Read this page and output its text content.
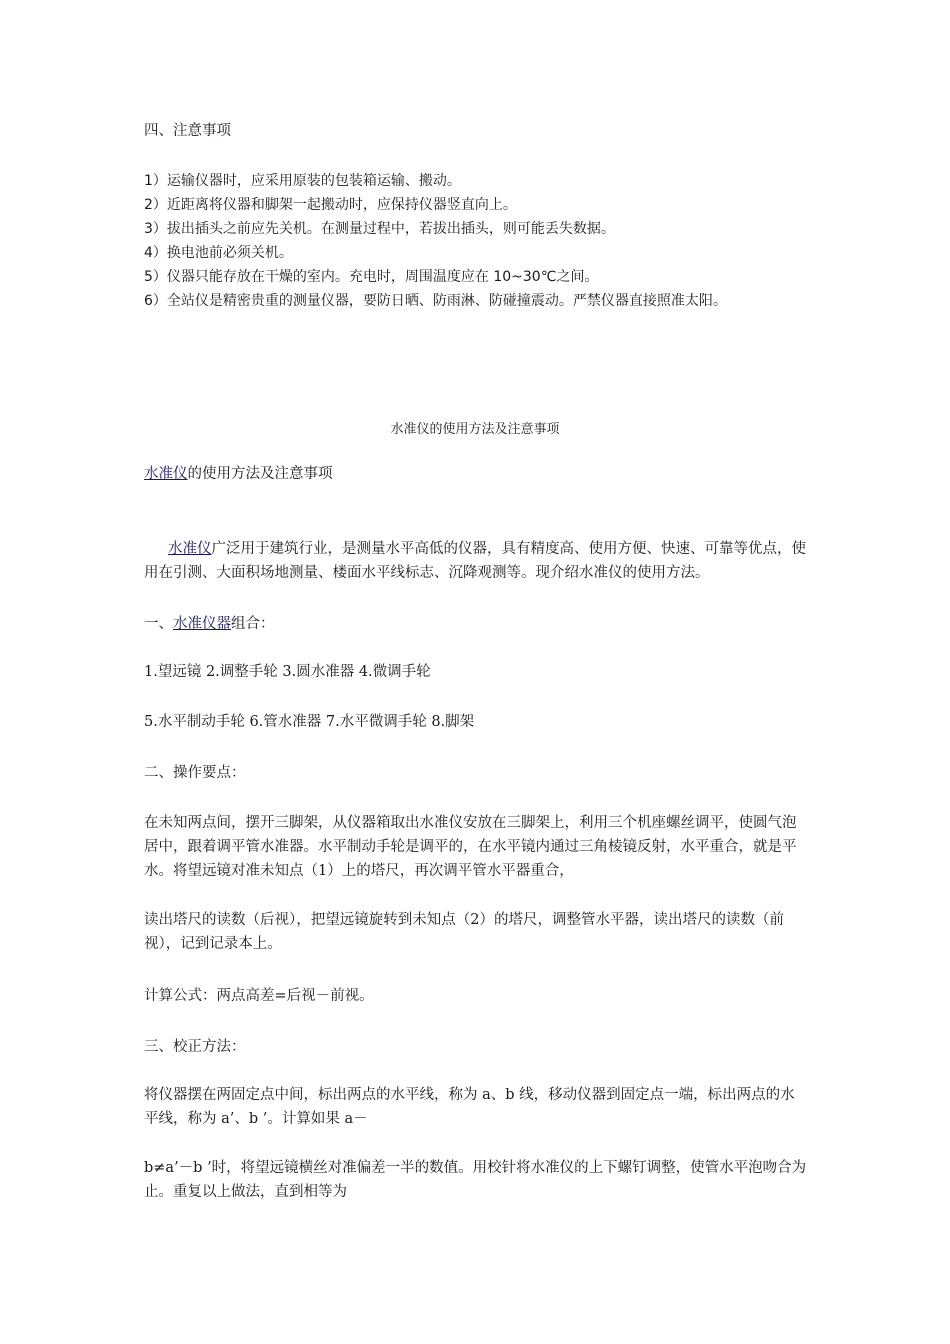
四、注意事项

1）运输仪器时，应采用原装的包装箱运输、搬动。

2）近距离将仪器和脚架一起搬动时，应保持仪器竖直向上。

3）拔出插头之前应先关机。在测量过程中，若拔出插头，则可能丢失数据。

4）换电池前必须关机。

5）仪器只能存放在干燥的室内。充电时，周围温度应在 10~30℃之间。

6）全站仪是精密贵重的测量仪器，要防日晒、防雨淋、防碰撞震动。严禁仪器直接照准太阳。

水准仪的使用方法及注意事项

水准仪的使用方法及注意事项

水准仪广泛用于建筑行业，是测量水平高低的仪器，具有精度高、使用方便、快速、可靠等优点，使用在引测、大面积场地测量、楼面水平线标志、沉降观测等。现介绍水准仪的使用方法。

一、水准仪器组合：

1.望远镜 2.调整手轮 3.圆水准器 4.微调手轮

5.水平制动手轮 6.管水准器 7.水平微调手轮 8.脚架

二、操作要点：

在未知两点间，摆开三脚架，从仪器箱取出水准仪安放在三脚架上，利用三个机座螺丝调平，使圆气泡居中，跟着调平管水准器。水平制动手轮是调平的，在水平镜内通过三角棱镜反射，水平重合，就是平水。将望远镜对准未知点（1）上的塔尺，再次调平管水平器重合，

读出塔尺的读数（后视），把望远镜旋转到未知点（2）的塔尺，调整管水平器，读出塔尺的读数（前视），记到记录本上。

计算公式：两点高差=后视－前视。

三、校正方法：

将仪器摆在两固定点中间，标出两点的水平线，称为 a、b 线，移动仪器到固定点一端，标出两点的水平线，称为 a’、b ’。计算如果 a－

b≠a’－b ’时，将望远镜横丝对准偏差一半的数值。用校针将水准仪的上下螺钉调整，使管水平泡吻合为止。重复以上做法，直到相等为
